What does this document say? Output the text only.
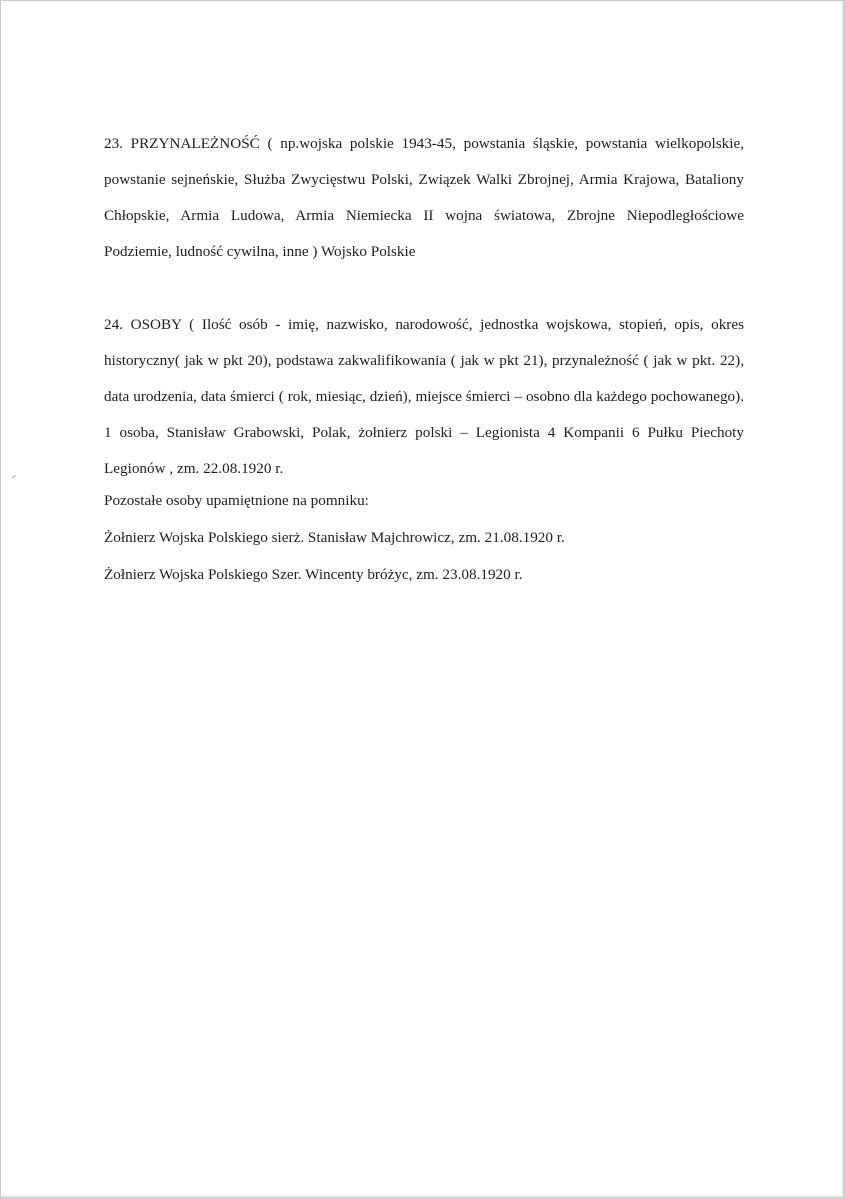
23. PRZYNALEŻNOŚĆ ( np.wojska polskie 1943-45, powstania śląskie, powstania wielkopolskie, powstanie sejneńskie, Służba Zwycięstwu Polski, Związek Walki Zbrojnej, Armia Krajowa, Bataliony Chłopskie, Armia Ludowa, Armia Niemiecka II wojna światowa, Zbrojne Niepodległościowe Podziemie, ludność cywilna, inne ) Wojsko Polskie

24. OSOBY ( Ilość osób - imię, nazwisko, narodowość, jednostka wojskowa, stopień, opis, okres historyczny( jak w pkt 20), podstawa zakwalifikowania ( jak w pkt 21), przynależność ( jak w pkt. 22), data urodzenia, data śmierci ( rok, miesiąc, dzień), miejsce śmierci – osobno dla każdego pochowanego). 1 osoba, Stanisław Grabowski, Polak, żołnierz polski – Legionista 4 Kompanii 6 Pułku Piechoty Legionów , zm. 22.08.1920 r.

Pozostałe osoby upamiętnione na pomniku:
Żołnierz Wojska Polskiego sierż. Stanisław Majchrowicz, zm. 21.08.1920 r.
Żołnierz Wojska Polskiego Szer. Wincenty bróżyc, zm. 23.08.1920 r.
